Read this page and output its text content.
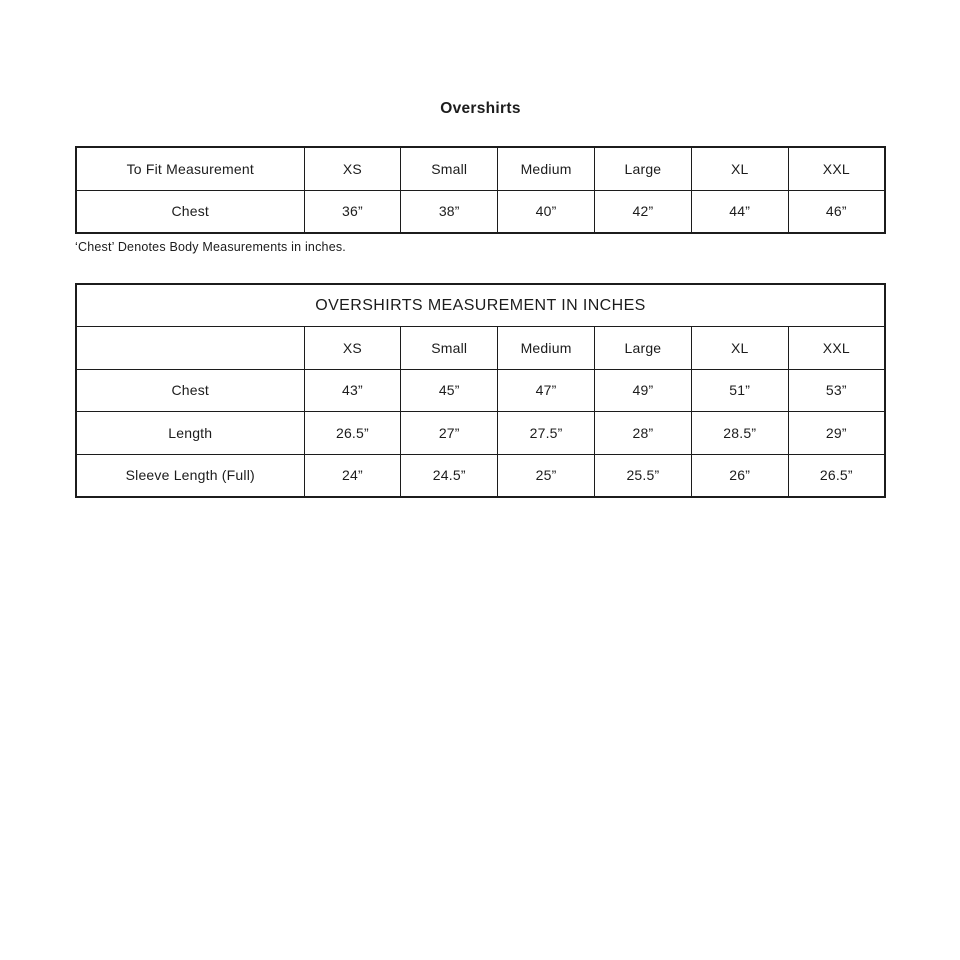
Overshirts
To Fit Measurement	XS	Small	Medium	Large	XL	XXL
Chest	36”	38”	40”	42”	44”	46”
‘Chest’ Denotes Body Measurements in inches.
OVERSHIRTS MEASUREMENT IN INCHES						
	XS	Small	Medium	Large	XL	XXL
Chest	43”	45”	47”	49”	51”	53”
Length	26.5”	27”	27.5”	28”	28.5”	29”
Sleeve Length (Full)	24”	24.5”	25”	25.5”	26”	26.5”
